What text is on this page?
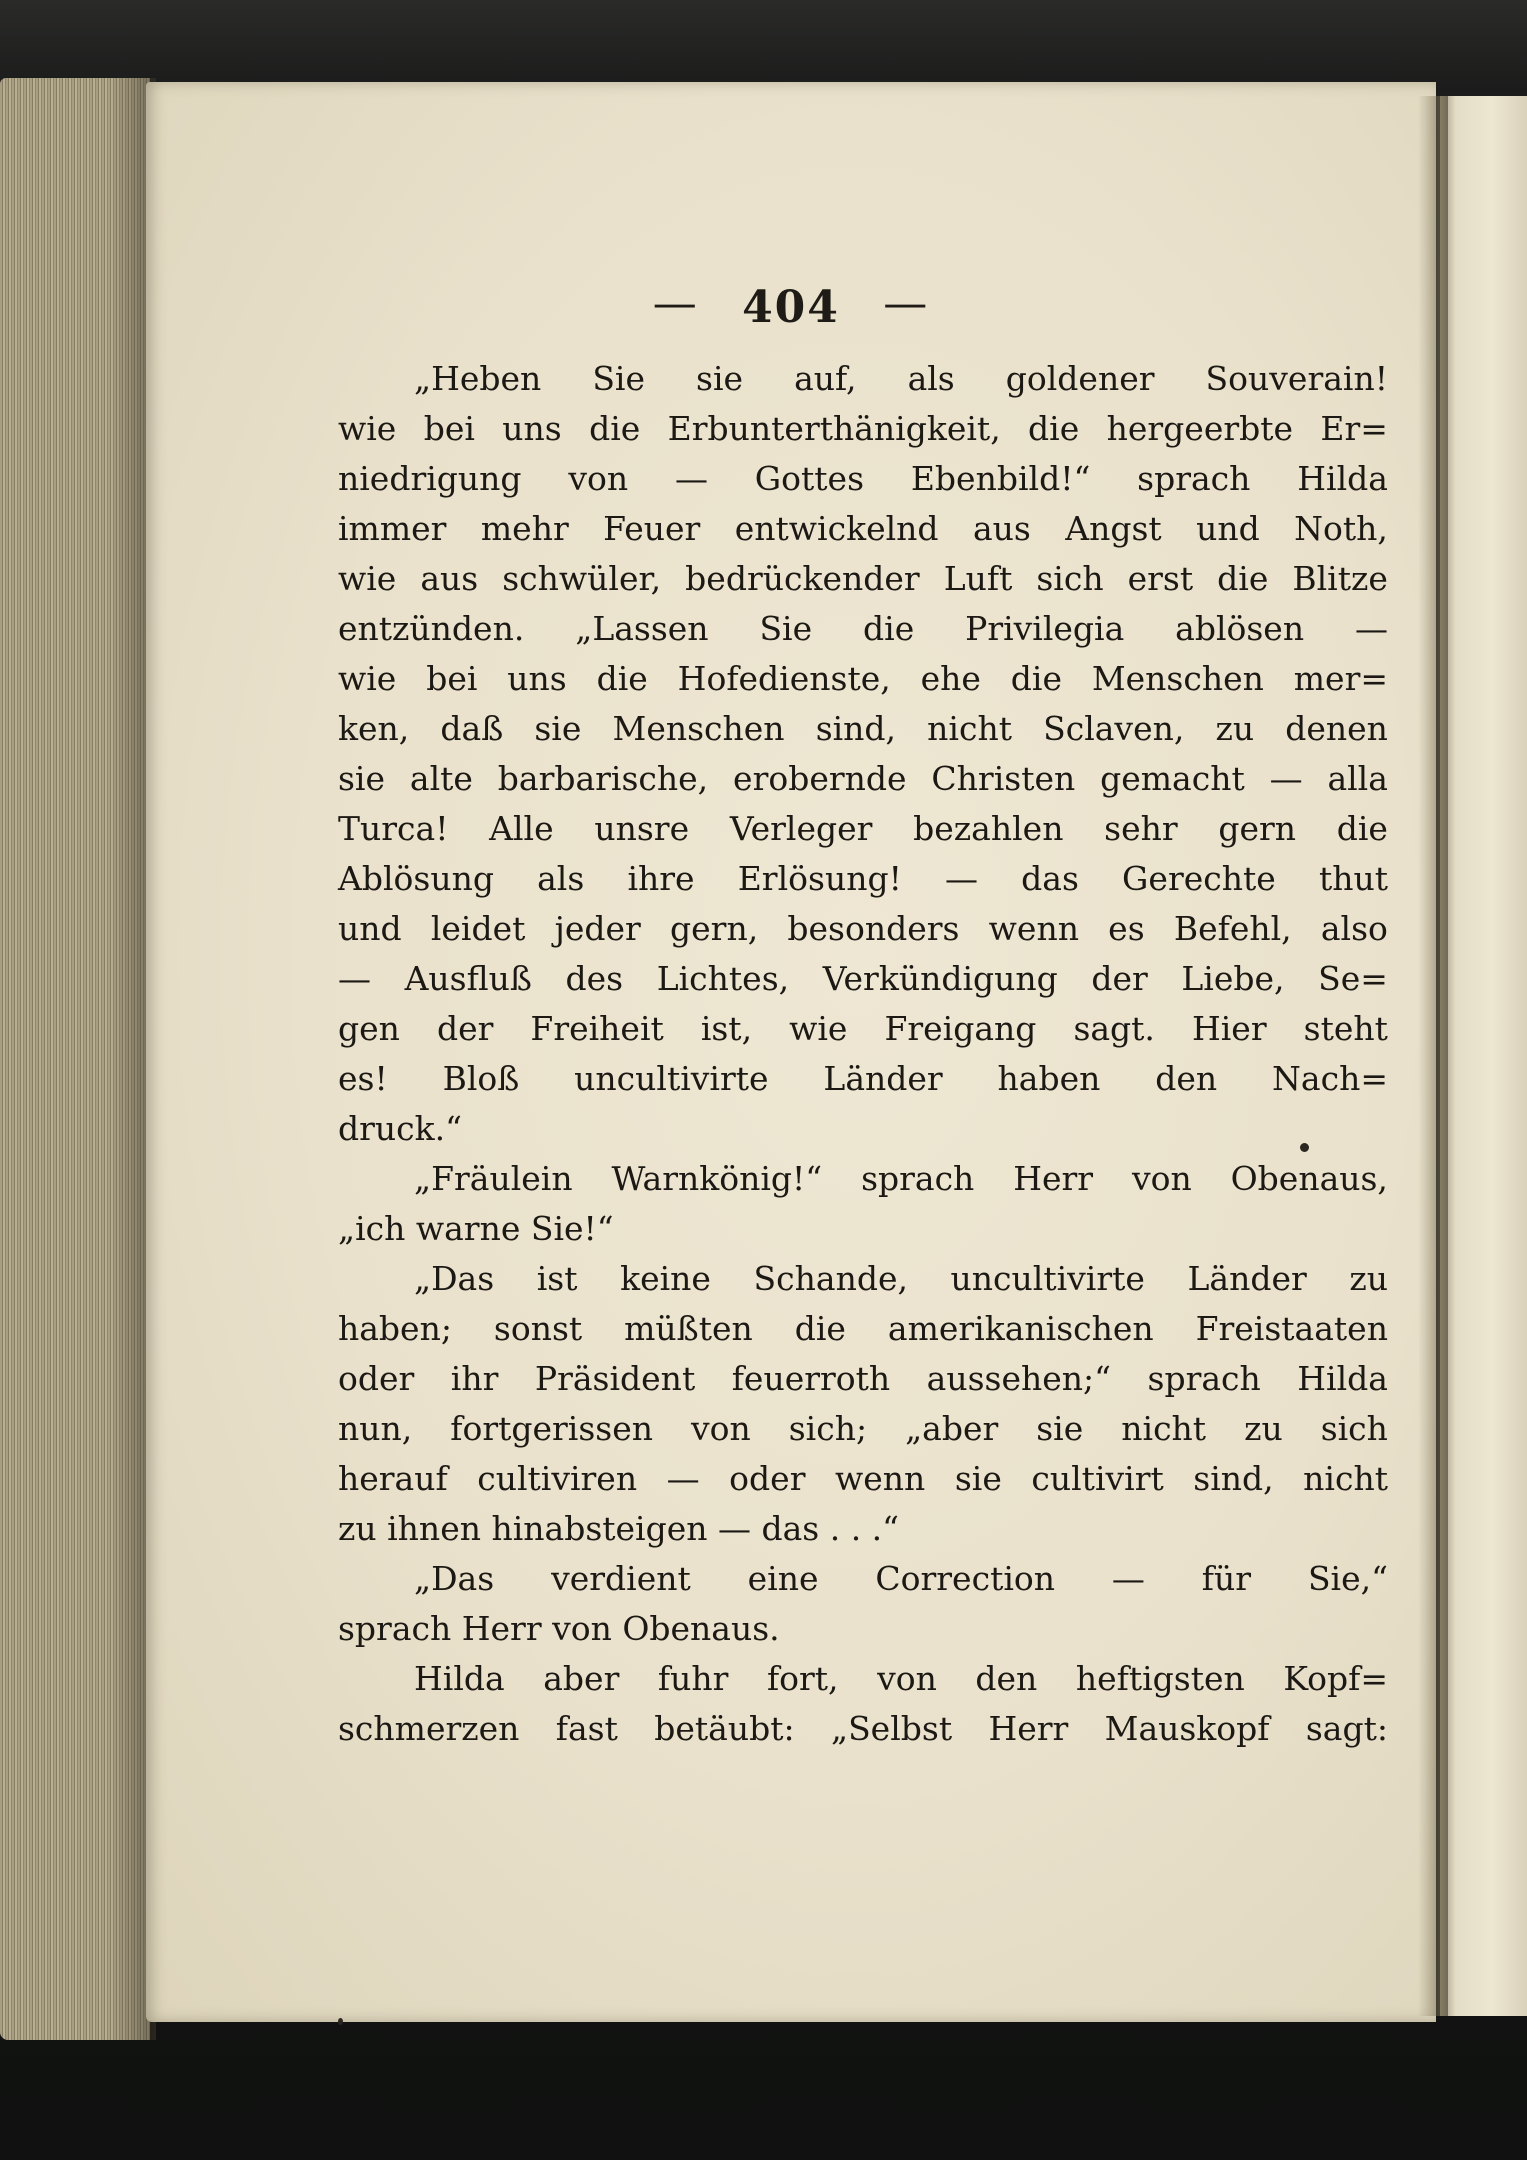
— 404 —
„Heben Sie sie auf, als goldener Souverain!
wie bei uns die Erbunterthänigkeit, die hergeerbte Er=
niedrigung von — Gottes Ebenbild!“ sprach Hilda
immer mehr Feuer entwickelnd aus Angst und Noth,
wie aus schwüler, bedrückender Luft sich erst die Blitze
entzünden. „Lassen Sie die Privilegia ablösen —
wie bei uns die Hofedienste, ehe die Menschen mer=
ken, daß sie Menschen sind, nicht Sclaven, zu denen
sie alte barbarische, erobernde Christen gemacht — alla
Turca! Alle unsre Verleger bezahlen sehr gern die
Ablösung als ihre Erlösung! — das Gerechte thut
und leidet jeder gern, besonders wenn es Befehl, also
— Ausfluß des Lichtes, Verkündigung der Liebe, Se=
gen der Freiheit ist, wie Freigang sagt. Hier steht
es! Bloß uncultivirte Länder haben den Nach=
druck.“
„Fräulein Warnkönig!“ sprach Herr von Obenaus,
„ich warne Sie!“
„Das ist keine Schande, uncultivirte Länder zu
haben; sonst müßten die amerikanischen Freistaaten
oder ihr Präsident feuerroth aussehen;“ sprach Hilda
nun, fortgerissen von sich; „aber sie nicht zu sich
herauf cultiviren — oder wenn sie cultivirt sind, nicht
zu ihnen hinabsteigen — das . . .“
„Das verdient eine Correction — für Sie,“
sprach Herr von Obenaus.
Hilda aber fuhr fort, von den heftigsten Kopf=
schmerzen fast betäubt: „Selbst Herr Mauskopf sagt:
